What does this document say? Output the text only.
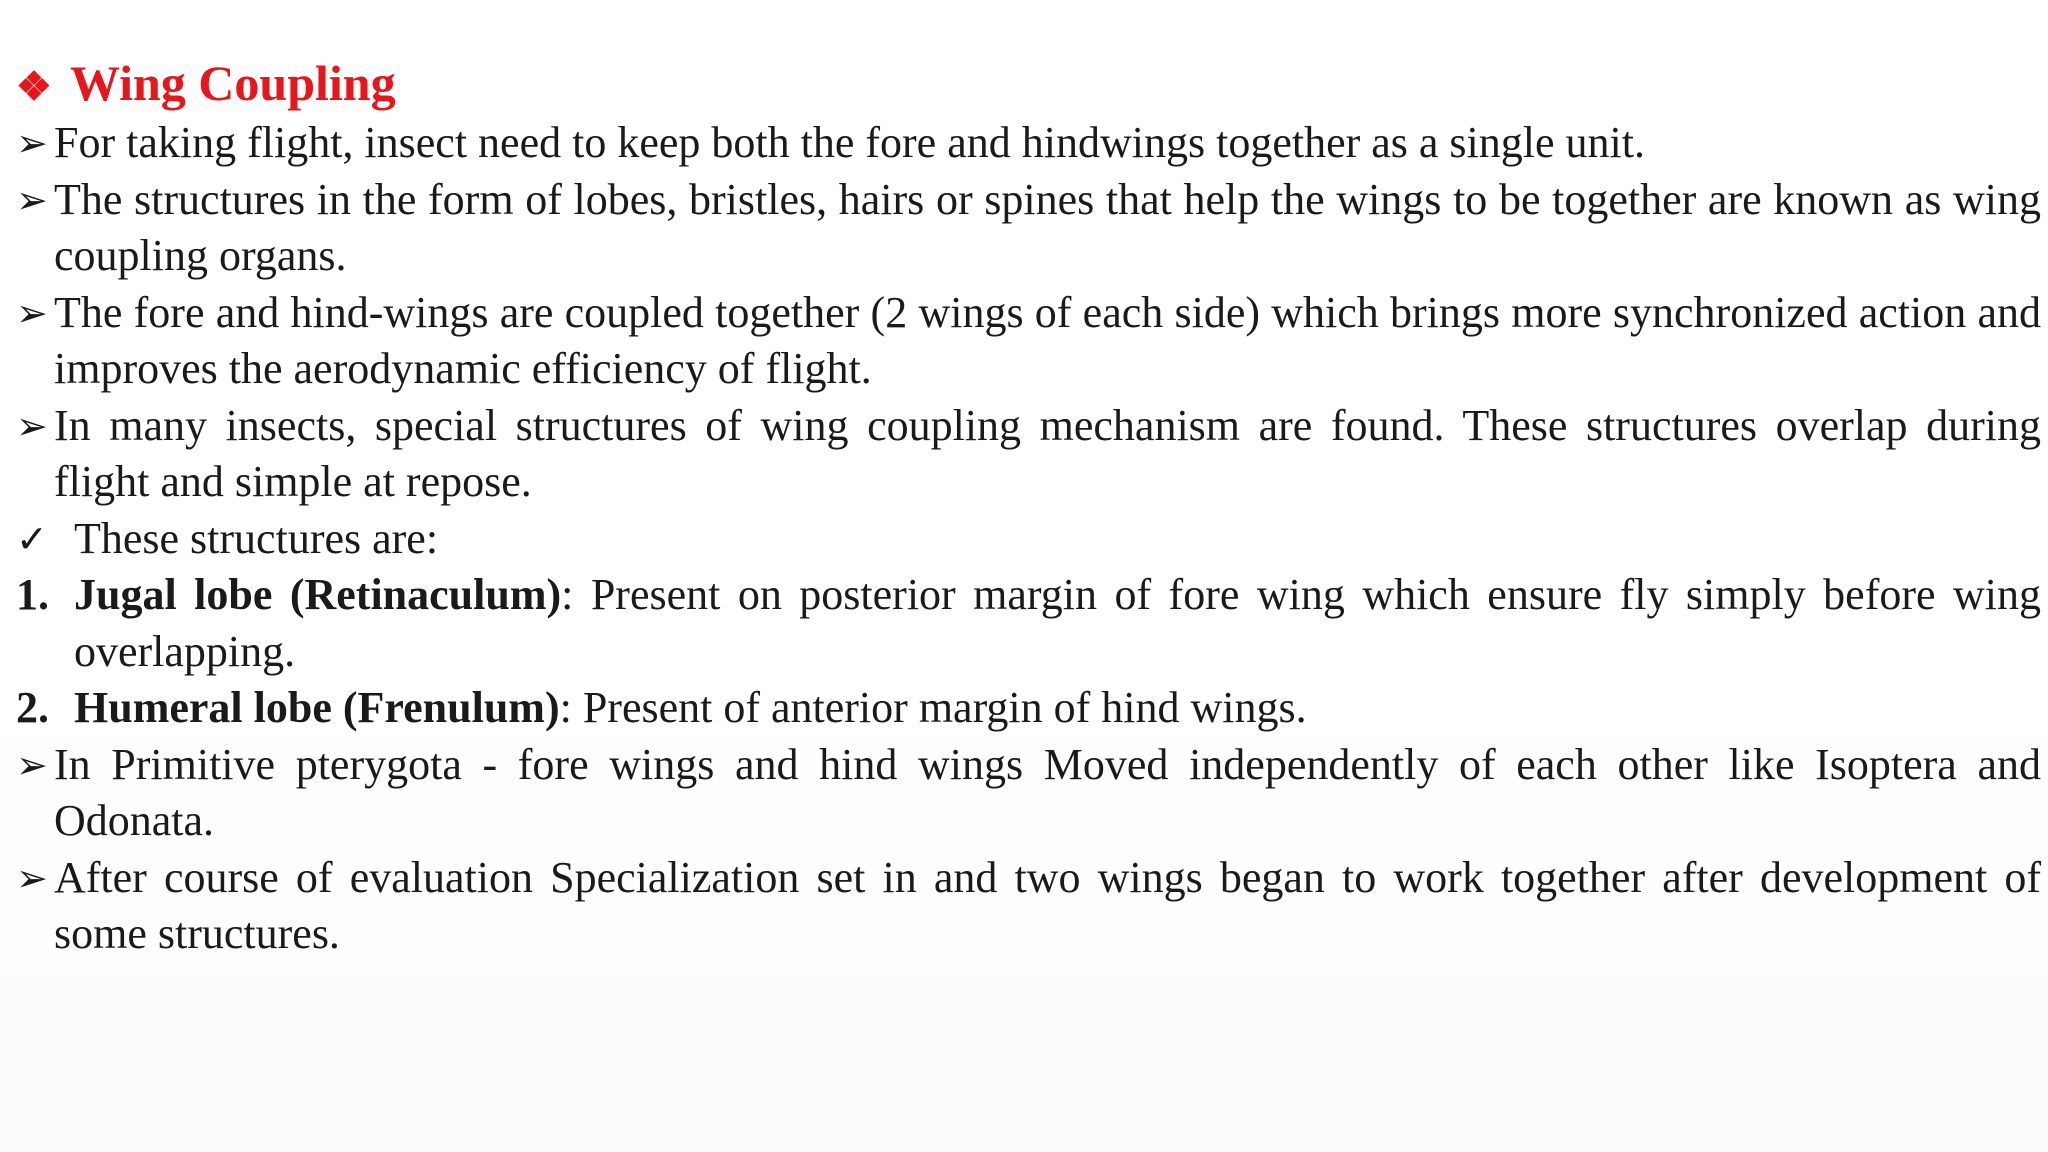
❖ Wing Coupling
➢ For taking flight, insect need to keep both the fore and hindwings together as a single unit.
➢ The structures in the form of lobes, bristles, hairs or spines that help the wings to be together are known as wing coupling organs.
➢ The fore and hind-wings are coupled together (2 wings of each side) which brings more synchronized action and improves the aerodynamic efficiency of flight.
➢ In many insects, special structures of wing coupling mechanism are found. These structures overlap during flight and simple at repose.
✓ These structures are:
1. Jugal lobe (Retinaculum): Present on posterior margin of fore wing which ensure fly simply before wing overlapping.
2. Humeral lobe (Frenulum): Present of anterior margin of hind wings.
➢ In Primitive pterygota - fore wings and hind wings Moved independently of each other like Isoptera and Odonata.
➢ After course of evaluation Specialization set in and two wings began to work together after development of some structures.
